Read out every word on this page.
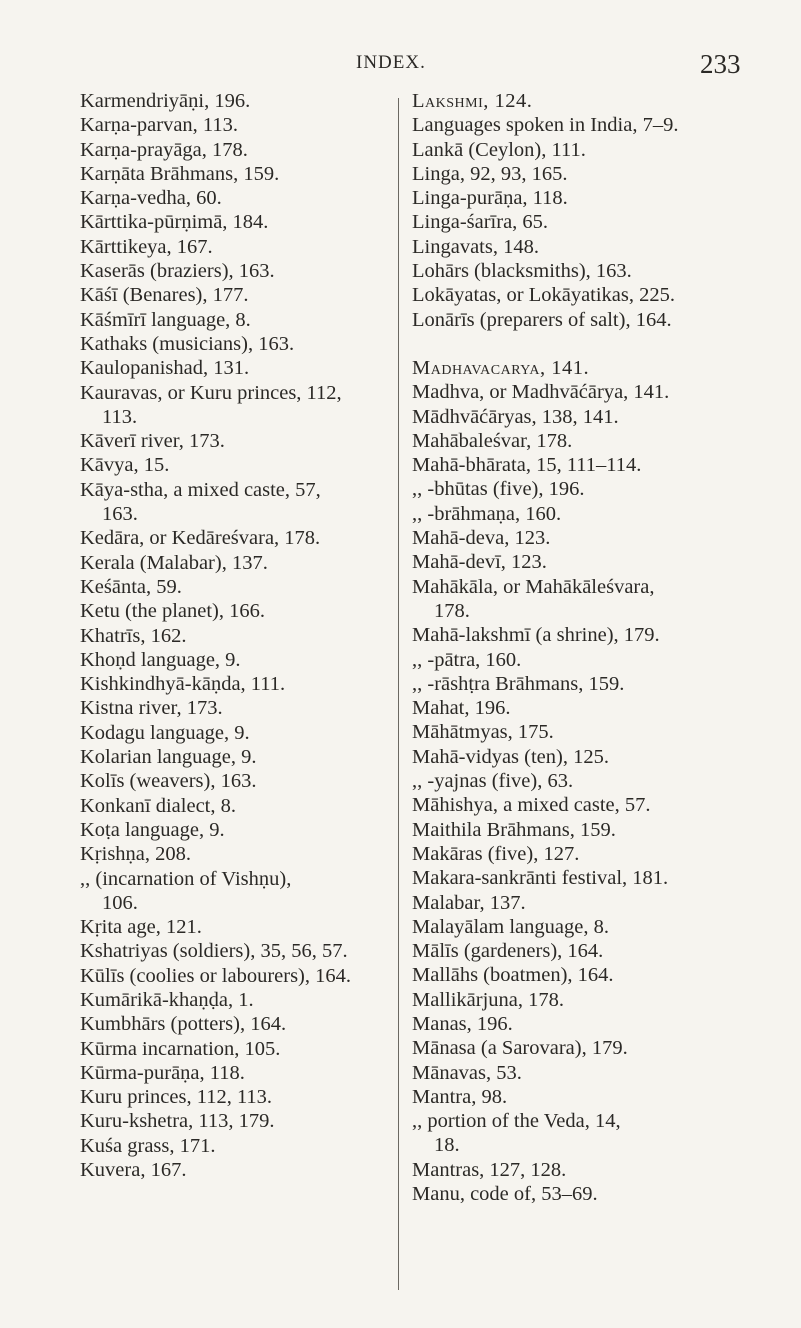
INDEX.	233
Karmendriyāṇi, 196.
Karṇa-parvan, 113.
Karṇa-prayāga, 178.
Karṇāta Brāhmans, 159.
Karṇa-vedha, 60.
Kārttika-pūrṇimā, 184.
Kārttikeya, 167.
Kaserās (braziers), 163.
Kāśī (Benares), 177.
Kāśmīrī language, 8.
Kathaks (musicians), 163.
Kaulopanishad, 131.
Kauravas, or Kuru princes, 112,
113.
Kāverī river, 173.
Kāvya, 15.
Kāya-stha, a mixed caste, 57,
163.
Kedāra, or Kedāreśvara, 178.
Kerala (Malabar), 137.
Keśānta, 59.
Ketu (the planet), 166.
Khatrīs, 162.
Khoṇd language, 9.
Kishkindhyā-kāṇda, 111.
Kistna river, 173.
Kodagu language, 9.
Kolarian language, 9.
Kolīs (weavers), 163.
Konkanī dialect, 8.
Koṭa language, 9.
Kṛishṇa, 208.
,, (incarnation of Vishṇu),
106.
Kṛita age, 121.
Kshatriyas (soldiers), 35, 56, 57.
Kūlīs (coolies or labourers), 164.
Kumārikā-khaṇḍa, 1.
Kumbhārs (potters), 164.
Kūrma incarnation, 105.
Kūrma-purāṇa, 118.
Kuru princes, 112, 113.
Kuru-kshetra, 113, 179.
Kuśa grass, 171.
Kuvera, 167.
Lakshmi, 124.
Languages spoken in India, 7–9.
Lankā (Ceylon), 111.
Linga, 92, 93, 165.
Linga-purāṇa, 118.
Linga-śarīra, 65.
Lingavats, 148.
Lohārs (blacksmiths), 163.
Lokāyatas, or Lokāyatikas, 225.
Lonārīs (preparers of salt), 164.
Madhavacarya, 141.
Madhva, or Madhvāćārya, 141.
Mādhvāćāryas, 138, 141.
Mahābaleśvar, 178.
Mahā-bhārata, 15, 111–114.
,, -bhūtas (five), 196.
,, -brāhmaṇa, 160.
Mahā-deva, 123.
Mahā-devī, 123.
Mahākāla, or Mahākāleśvara,
178.
Mahā-lakshmī (a shrine), 179.
,, -pātra, 160.
,, -rāshṭra Brāhmans, 159.
Mahat, 196.
Māhātmyas, 175.
Mahā-vidyas (ten), 125.
,, -yajnas (five), 63.
Māhishya, a mixed caste, 57.
Maithila Brāhmans, 159.
Makāras (five), 127.
Makara-sankrānti festival, 181.
Malabar, 137.
Malayālam language, 8.
Mālīs (gardeners), 164.
Mallāhs (boatmen), 164.
Mallikārjuna, 178.
Manas, 196.
Mānasa (a Sarovara), 179.
Mānavas, 53.
Mantra, 98.
,, portion of the Veda, 14,
18.
Mantras, 127, 128.
Manu, code of, 53–69.
